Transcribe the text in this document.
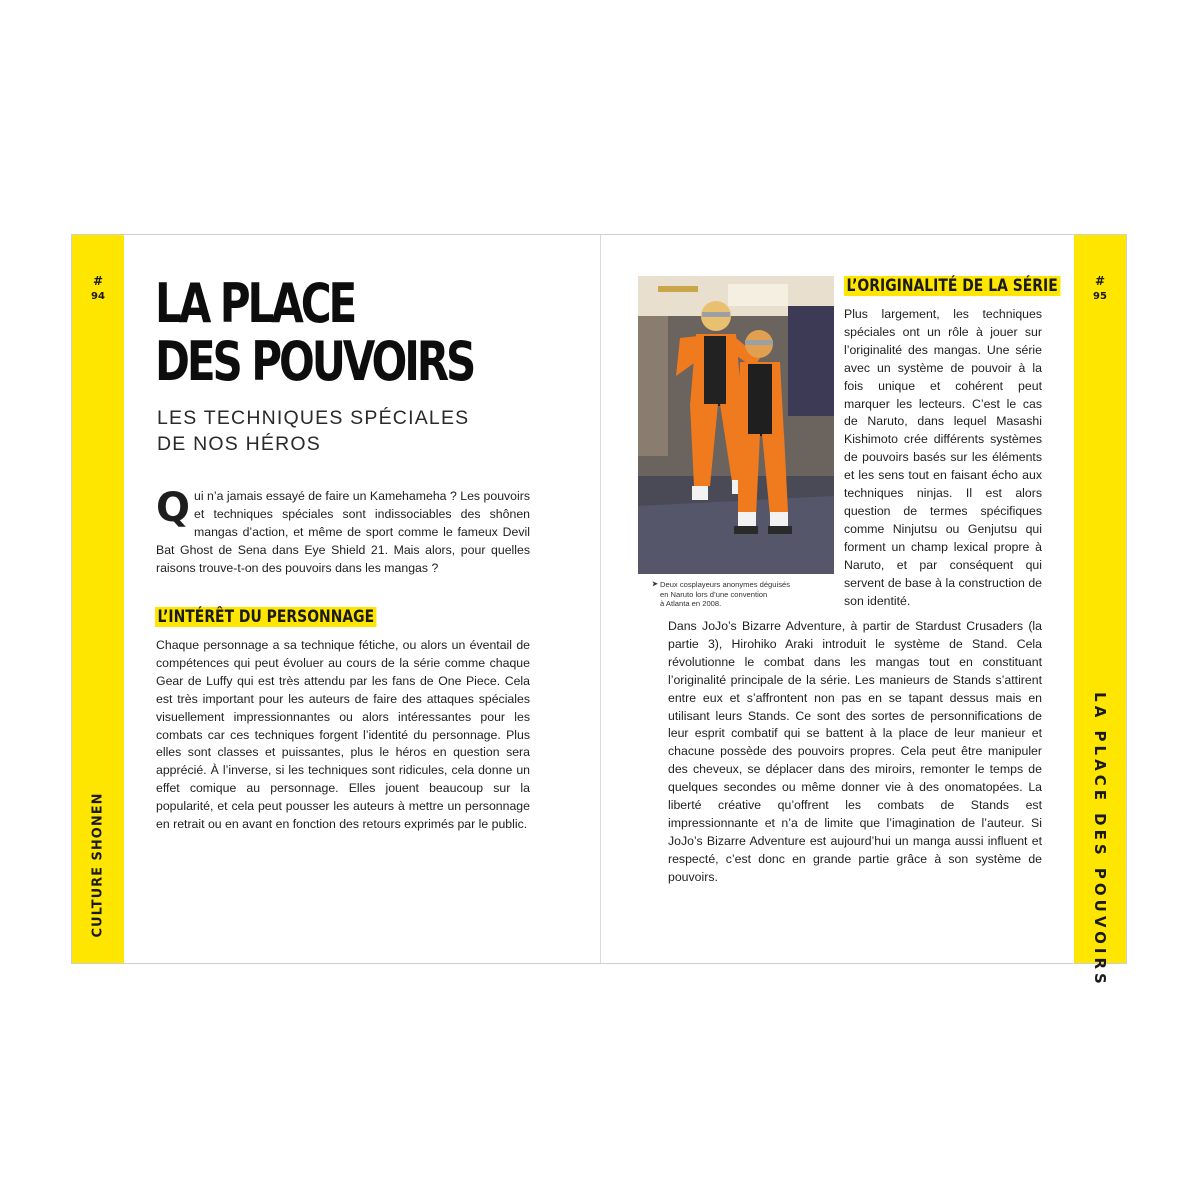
#
94
CULTURE SHONEN
LA PLACE
DES POUVOIRS
LES TECHNIQUES SPÉCIALES
DE NOS HÉROS
Qui n’a jamais essayé de faire un Kamehameha ? Les pouvoirs et techniques spéciales sont indissociables des shônen mangas d’action, et même de sport comme le fameux Devil Bat Ghost de Sena dans Eye Shield 21. Mais alors, pour quelles raisons trouve-t-on des pouvoirs dans les mangas ?
L’INTÉRÊT DU PERSONNAGE
Chaque personnage a sa technique fétiche, ou alors un éventail de compétences qui peut évoluer au cours de la série comme chaque Gear de Luffy qui est très attendu par les fans de One Piece. Cela est très important pour les auteurs de faire des attaques spéciales visuellement impressionnantes ou alors intéressantes pour les combats car ces techniques forgent l’identité du personnage. Plus elles sont classes et puissantes, plus le héros en question sera apprécié. À l’inverse, si les techniques sont ridicules, cela donne un effet comique au personnage. Elles jouent beaucoup sur la popularité, et cela peut pousser les auteurs à mettre un personnage en retrait ou en avant en fonction des retours exprimés par le public.
➤ Deux cosplayeurs anonymes déguisés
en Naruto lors d’une convention
à Atlanta en 2008.
L’ORIGINALITÉ DE LA SÉRIE
Plus largement, les techniques spéciales ont un rôle à jouer sur l’originalité des mangas. Une série avec un système de pouvoir à la fois unique et cohérent peut marquer les lecteurs. C’est le cas de Naruto, dans lequel Masashi Kishimoto crée différents systèmes de pouvoirs basés sur les éléments et les sens tout en faisant écho aux techniques ninjas. Il est alors question de termes spécifiques comme Ninjutsu ou Genjutsu qui forment un champ lexical propre à Naruto, et par conséquent qui servent de base à la construction de son identité.
Dans JoJo’s Bizarre Adventure, à partir de Stardust Crusaders (la partie 3), Hirohiko Araki introduit le système de Stand. Cela révolutionne le combat dans les mangas tout en constituant l’originalité principale de la série. Les manieurs de Stands s’attirent entre eux et s’affrontent non pas en se tapant dessus mais en utilisant leurs Stands. Ce sont des sortes de personnifications de leur esprit combatif qui se battent à la place de leur manieur et chacune possède des pouvoirs propres. Cela peut être manipuler des cheveux, se déplacer dans des miroirs, remonter le temps de quelques secondes ou même donner vie à des onomatopées. La liberté créative qu’offrent les combats de Stands est impressionnante et n’a de limite que l’imagination de l’auteur. Si JoJo’s Bizarre Adventure est aujourd’hui un manga aussi influent et respecté, c’est donc en grande partie grâce à son système de pouvoirs.
#
95
LA PLACE DES POUVOIRS
